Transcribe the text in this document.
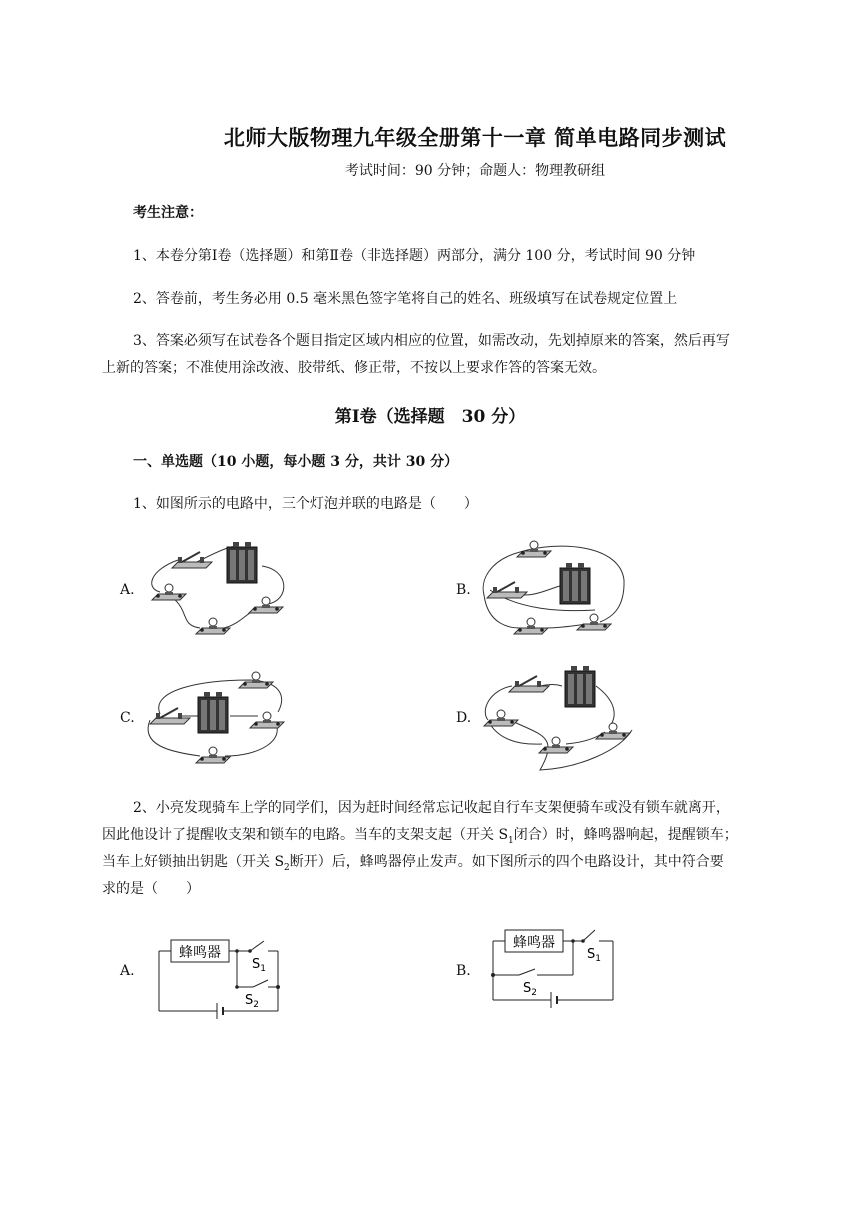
北师大版物理九年级全册第十一章 简单电路同步测试
考试时间：90 分钟；命题人：物理教研组
考生注意：
1、本卷分第Ⅰ卷（选择题）和第Ⅱ卷（非选择题）两部分，满分 100 分，考试时间 90 分钟
2、答卷前，考生务必用 0.5 毫米黑色签字笔将自己的姓名、班级填写在试卷规定位置上
3、答案必须写在试卷各个题目指定区域内相应的位置，如需改动，先划掉原来的答案，然后再写
上新的答案；不准使用涂改液、胶带纸、修正带，不按以上要求作答的答案无效。
第Ⅰ卷（选择题　30 分）
一、单选题（10 小题，每小题 3 分，共计 30 分）
1、如图所示的电路中，三个灯泡并联的电路是（　　）
A.	B.
C.	D.
2、小亮发现骑车上学的同学们，因为赶时间经常忘记收起自行车支架便骑车或没有锁车就离开，
因此他设计了提醒收支架和锁车的电路。当车的支架支起（开关 $S_1$闭合）时，蜂鸣器响起，提醒锁车；
当车上好锁抽出钥匙（开关 $S_2$断开）后，蜂鸣器停止发声。如下图所示的四个电路设计，其中符合要
求的是（　　）
A.	B.
蜂鸣器
$S_1$
$S_2$
蜂鸣器
$S_1$
$S_2$
